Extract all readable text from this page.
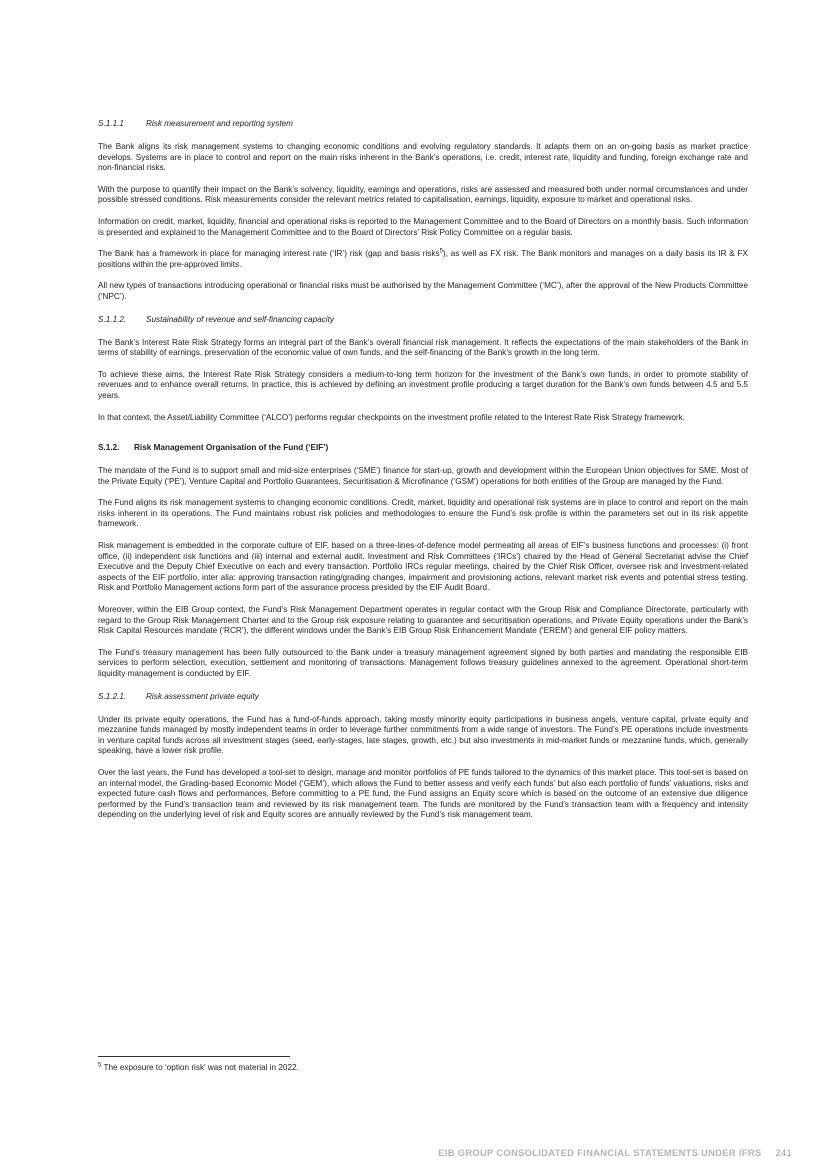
S.1.1.1	Risk measurement and reporting system

The Bank aligns its risk management systems to changing economic conditions and evolving regulatory standards. It adapts them on an on-going basis as market practice develops. Systems are in place to control and report on the main risks inherent in the Bank’s operations, i.e. credit, interest rate, liquidity and funding, foreign exchange rate and non-financial risks.

With the purpose to quantify their impact on the Bank’s solvency, liquidity, earnings and operations, risks are assessed and measured both under normal circumstances and under possible stressed conditions. Risk measurements consider the relevant metrics related to capitalisation, earnings, liquidity, exposure to market and operational risks.

Information on credit, market, liquidity, financial and operational risks is reported to the Management Committee and to the Board of Directors on a monthly basis. Such information is presented and explained to the Management Committee and to the Board of Directors’ Risk Policy Committee on a regular basis.

The Bank has a framework in place for managing interest rate (‘IR’) risk (gap and basis risks$^5$), as well as FX risk. The Bank monitors and manages on a daily basis its IR & FX positions within the pre-approved limits.

All new types of transactions introducing operational or financial risks must be authorised by the Management Committee (‘MC’), after the approval of the New Products Committee (‘NPC’).

S.1.1.2. Sustainability of revenue and self-financing capacity

The Bank’s Interest Rate Risk Strategy forms an integral part of the Bank’s overall financial risk management. It reflects the expectations of the main stakeholders of the Bank in terms of stability of earnings, preservation of the economic value of own funds, and the self-financing of the Bank’s growth in the long term.

To achieve these aims, the Interest Rate Risk Strategy considers a medium-to-long term horizon for the investment of the Bank’s own funds, in order to promote stability of revenues and to enhance overall returns. In practice, this is achieved by defining an investment profile producing a target duration for the Bank’s own funds between 4.5 and 5.5 years.

In that context, the Asset/Liability Committee (‘ALCO’) performs regular checkpoints on the investment profile related to the Interest Rate Risk Strategy framework.

S.1.2. Risk Management Organisation of the Fund (‘EIF’)

The mandate of the Fund is to support small and mid-size enterprises (‘SME’) finance for start-up, growth and development within the European Union objectives for SME. Most of the Private Equity (‘PE’), Venture Capital and Portfolio Guarantees, Securitisation & Microfinance (‘GSM’) operations for both entities of the Group are managed by the Fund.

The Fund aligns its risk management systems to changing economic conditions. Credit, market, liquidity and operational risk systems are in place to control and report on the main risks inherent in its operations. The Fund maintains robust risk policies and methodologies to ensure the Fund’s risk profile is within the parameters set out in its risk appetite framework.

Risk management is embedded in the corporate culture of EIF, based on a three-lines-of-defence model permeating all areas of EIF’s business functions and processes: (i) front office, (ii) independent risk functions and (iii) internal and external audit. Investment and Risk Committees (‘IRCs’) chaired by the Head of General Secretariat advise the Chief Executive and the Deputy Chief Executive on each and every transaction. Portfolio IRCs regular meetings, chaired by the Chief Risk Officer, oversee risk and investment-related aspects of the EIF portfolio, inter alia: approving transaction rating/grading changes, impairment and provisioning actions, relevant market risk events and potential stress testing. Risk and Portfolio Management actions form part of the assurance process presided by the EIF Audit Board.

Moreover, within the EIB Group context, the Fund’s Risk Management Department operates in regular contact with the Group Risk and Compliance Directorate, particularly with regard to the Group Risk Management Charter and to the Group risk exposure relating to guarantee and securitisation operations, and Private Equity operations under the Bank’s Risk Capital Resources mandate (‘RCR’), the different windows under the Bank’s EIB Group Risk Enhancement Mandate (‘EREM’) and general EIF policy matters.

The Fund’s treasury management has been fully outsourced to the Bank under a treasury management agreement signed by both parties and mandating the responsible EIB services to perform selection, execution, settlement and monitoring of transactions. Management follows treasury guidelines annexed to the agreement. Operational short-term liquidity management is conducted by EIF.

S.1.2.1. Risk assessment private equity

Under its private equity operations, the Fund has a fund-of-funds approach, taking mostly minority equity participations in business angels, venture capital, private equity and mezzanine funds managed by mostly independent teams in order to leverage further commitments from a wide range of investors. The Fund’s PE operations include investments in venture capital funds across all investment stages (seed, early-stages, late stages, growth, etc.) but also investments in mid-market funds or mezzanine funds, which, generally speaking, have a lower risk profile.

Over the last years, the Fund has developed a tool-set to design, manage and monitor portfolios of PE funds tailored to the dynamics of this market place. This tool-set is based on an internal model, the Grading-based Economic Model (‘GEM’), which allows the Fund to better assess and verify each funds’ but also each portfolio of funds’ valuations, risks and expected future cash flows and performances. Before committing to a PE fund, the Fund assigns an Equity score which is based on the outcome of an extensive due diligence performed by the Fund’s transaction team and reviewed by its risk management team. The funds are monitored by the Fund’s transaction team with a frequency and intensity depending on the underlying level of risk and Equity scores are annually reviewed by the Fund’s risk management team.

$^5$ The exposure to ‘option risk’ was not material in 2022.
EIB GROUP CONSOLIDATED FINANCIAL STATEMENTS UNDER IFRS 241
